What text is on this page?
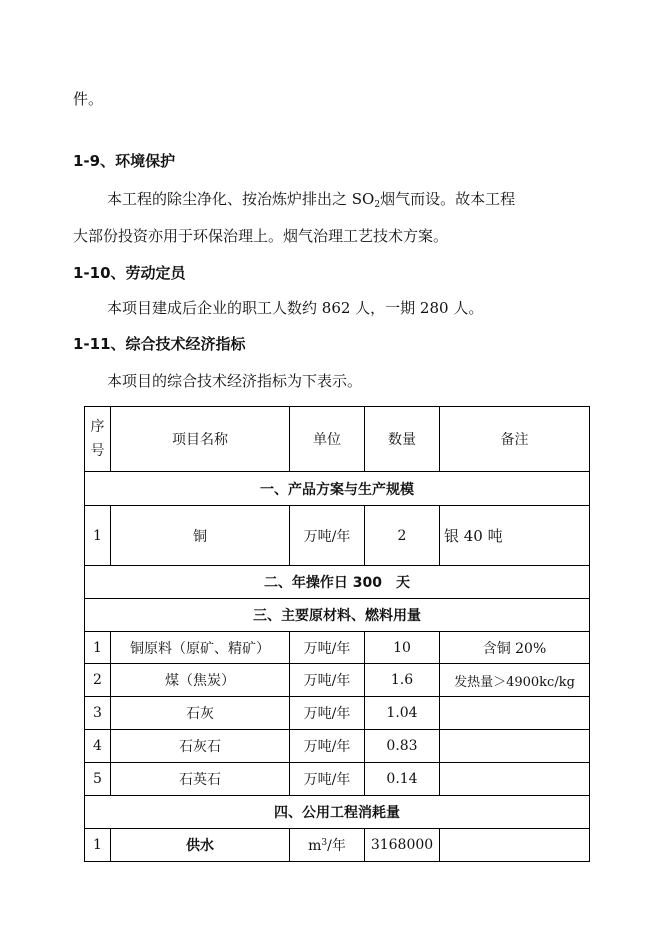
件。
1-9、环境保护
本工程的除尘净化、按冶炼炉排出之 $SO_2$烟气而设。故本工程
大部份投资亦用于环保治理上。烟气治理工艺技术方案。
1-10、劳动定员
本项目建成后企业的职工人数约 862 人，一期 280 人。
1-11、综合技术经济指标
本项目的综合技术经济指标为下表示。
序
号	项目名称	单位	数量	备注
一、产品方案与生产规模				
1	铜	万吨/年	2	银 40 吨
二、年操作日 300　天				
三、主要原材料、燃料用量				
1	铜原料（原矿、精矿）	万吨/年	10	含铜 20%
2	煤（焦炭）	万吨/年	1.6	发热量＞4900kc/kg
3	石灰	万吨/年	1.04	
4	石灰石	万吨/年	0.83	
5	石英石	万吨/年	0.14	
四、公用工程消耗量				
1	供水	$m^3/$年	3168000	
